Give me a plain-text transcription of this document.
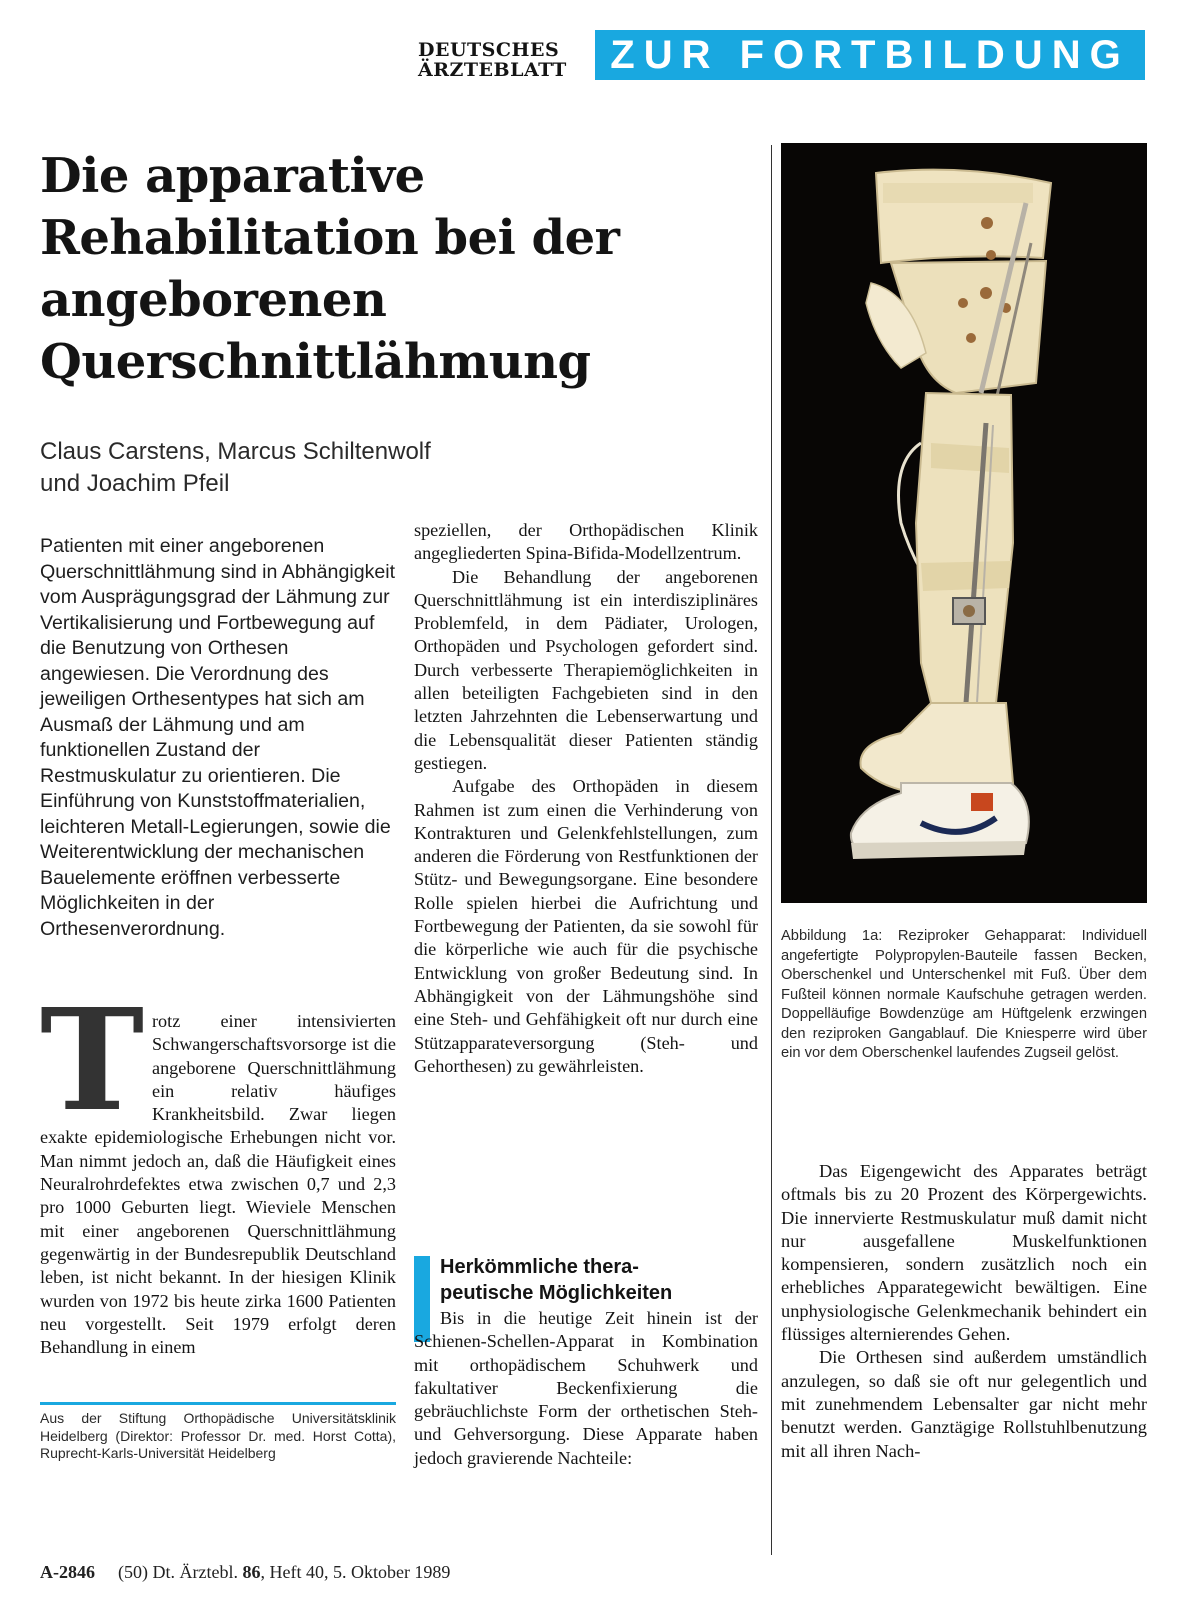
DEUTSCHES
ÄRZTEBLATT	ZUR FORTBILDUNG
Die apparative
Rehabilitation bei der
angeborenen
Querschnittlähmung
Claus Carstens, Marcus Schiltenwolf
und Joachim Pfeil
Patienten mit einer angeborenen Querschnittlähmung sind in Abhängigkeit vom Ausprägungsgrad der Lähmung zur Vertikalisierung und Fortbewegung auf die Benutzung von Orthesen angewiesen. Die Verordnung des jeweiligen Orthesentypes hat sich am Ausmaß der Lähmung und am funktionellen Zustand der Restmuskulatur zu orientieren. Die Einführung von Kunststoffmaterialien, leichteren Metall-Legierungen, sowie die Weiterentwicklung der mechanischen Bauelemente eröffnen verbesserte Möglichkeiten in der Orthesenverordnung.
T rotz einer intensivierten Schwangerschaftsvorsorge ist die angeborene Querschnittlähmung ein relativ häufiges Krankheitsbild. Zwar liegen exakte epidemiologische Erhebungen nicht vor. Man nimmt jedoch an, daß die Häufigkeit eines Neuralrohrdefektes etwa zwischen 0,7 und 2,3 pro 1000 Geburten liegt. Wieviele Menschen mit einer angeborenen Querschnittlähmung gegenwärtig in der Bundesrepublik Deutschland leben, ist nicht bekannt. In der hiesigen Klinik wurden von 1972 bis heute zirka 1600 Patienten neu vorgestellt. Seit 1979 erfolgt deren Behandlung in einem

Aus der Stiftung Orthopädische Universitätsklinik Heidelberg (Direktor: Professor Dr. med. Horst Cotta), Ruprecht-Karls-Universität Heidelberg

speziellen, der Orthopädischen Klinik angegliederten Spina-Bifida-Modellzentrum.

Die Behandlung der angeborenen Querschnittlähmung ist ein interdisziplinäres Problemfeld, in dem Pädiater, Urologen, Orthopäden und Psychologen gefordert sind. Durch verbesserte Therapiemöglichkeiten in allen beteiligten Fachgebieten sind in den letzten Jahrzehnten die Lebenserwartung und die Lebensqualität dieser Patienten ständig gestiegen.

Aufgabe des Orthopäden in diesem Rahmen ist zum einen die Verhinderung von Kontrakturen und Gelenkfehlstellungen, zum anderen die Förderung von Restfunktionen der Stütz- und Bewegungsorgane. Eine besondere Rolle spielen hierbei die Aufrichtung und Fortbewegung der Patienten, da sie sowohl für die körperliche wie auch für die psychische Entwicklung von großer Bedeutung sind. In Abhängigkeit von der Lähmungshöhe sind eine Steh- und Gehfähigkeit oft nur durch eine Stützapparateversorgung (Steh- und Gehorthesen) zu gewährleisten.

Herkömmliche thera-
peutische Möglichkeiten

Bis in die heutige Zeit hinein ist der Schienen-Schellen-Apparat in Kombination mit orthopädischem Schuhwerk und fakultativer Beckenfixierung die gebräuchlichste Form der orthetischen Steh- und Gehversorgung. Diese Apparate haben jedoch gravierende Nachteile:

Abbildung 1a: Reziproker Gehapparat: Individuell angefertigte Polypropylen-Bauteile fassen Becken, Oberschenkel und Unterschenkel mit Fuß. Über dem Fußteil können normale Kaufschuhe getragen werden. Doppelläufige Bowdenzüge am Hüftgelenk erzwingen den reziproken Gangablauf. Die Kniesperre wird über ein vor dem Oberschenkel laufendes Zugseil gelöst.

Das Eigengewicht des Apparates beträgt oftmals bis zu 20 Prozent des Körpergewichts. Die innervierte Restmuskulatur muß damit nicht nur ausgefallene Muskelfunktionen kompensieren, sondern zusätzlich noch ein erhebliches Apparategewicht bewältigen. Eine unphysiologische Gelenkmechanik behindert ein flüssiges alternierendes Gehen.

Die Orthesen sind außerdem umständlich anzulegen, so daß sie oft nur gelegentlich und mit zunehmendem Lebensalter gar nicht mehr benutzt werden. Ganztägige Rollstuhlbenutzung mit all ihren Nach-

A-2846 (50) Dt. Ärztebl. 86, Heft 40, 5. Oktober 1989
